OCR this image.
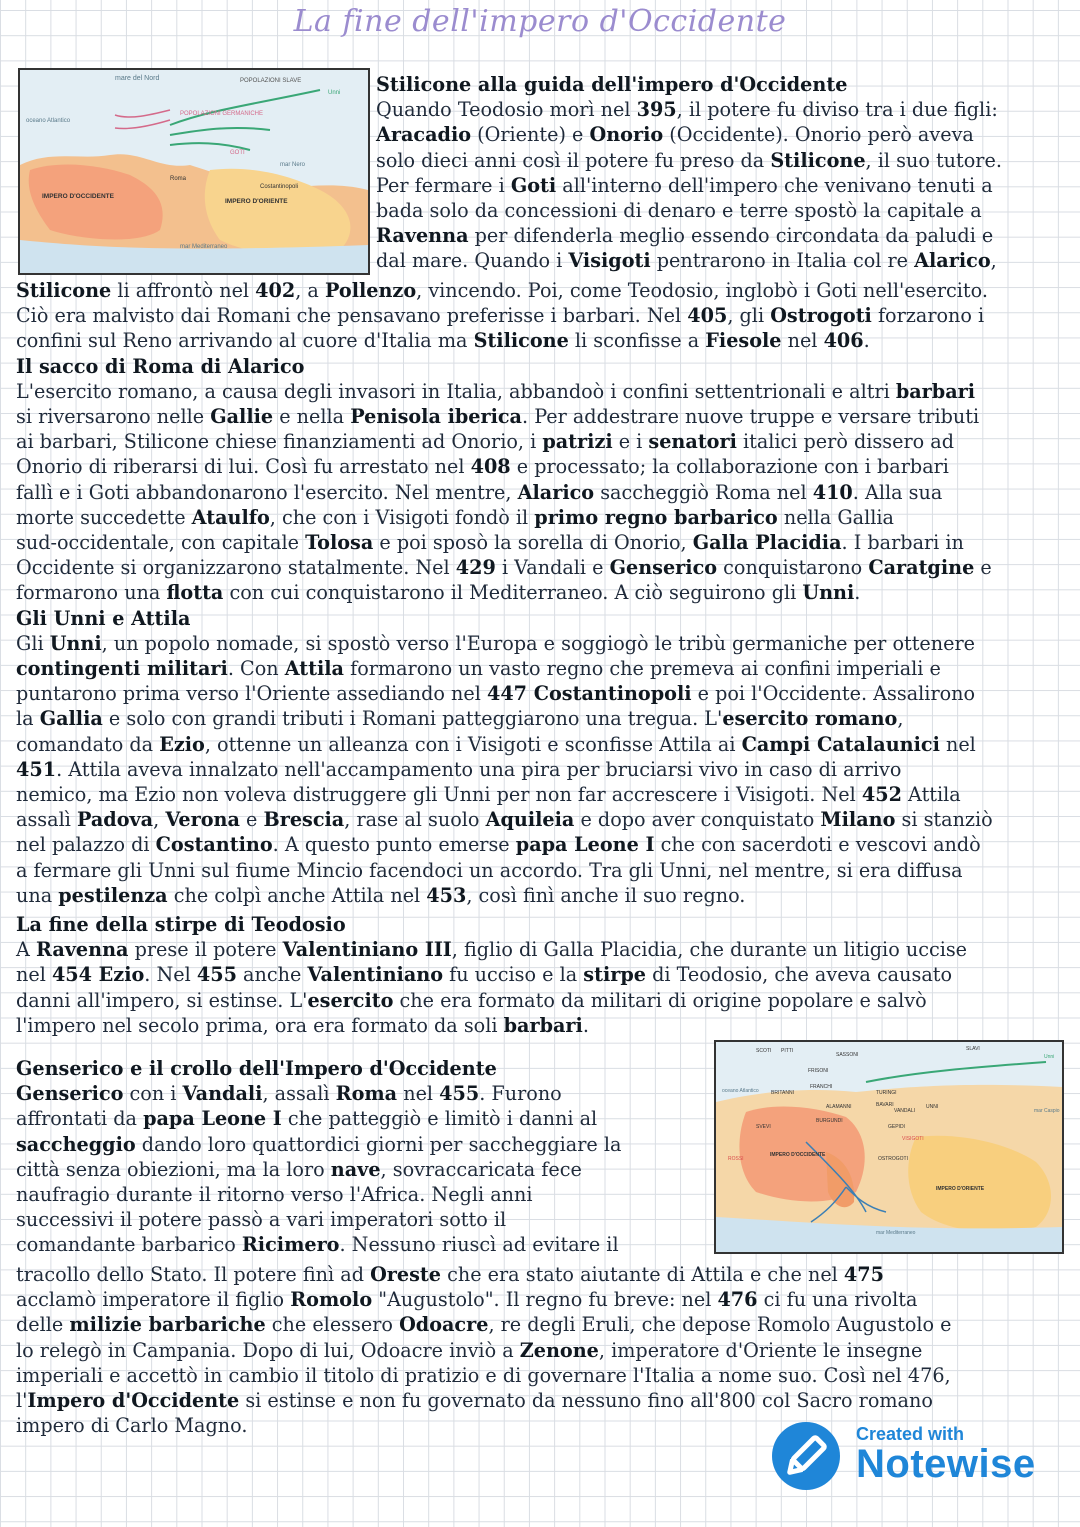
La fine dell'impero d'Occidente
mare del Nord	POPOLAZIONI SLAVE
oceano Atlantico
POPOLAZIONI GERMANICHE
Unni
GOTI
mar Nero
Roma
IMPERO D'OCCIDENTE
Costantinopoli
IMPERO D'ORIENTE
mar Mediterraneo
Stilicone alla guida dell'impero d'Occidente
Quando Teodosio morì nel 395, il potere fu diviso tra i due figli:
Aracadio (Oriente) e Onorio (Occidente). Onorio però aveva
solo dieci anni così il potere fu preso da Stilicone, il suo tutore.
Per fermare i Goti all'interno dell'impero che venivano tenuti a
bada solo da concessioni di denaro e terre spostò la capitale a
Ravenna per difenderla meglio essendo circondata da paludi e
dal mare. Quando i Visigoti pentrarono in Italia col re Alarico,
Stilicone li affrontò nel 402, a Pollenzo, vincendo. Poi, come Teodosio, inglobò i Goti nell'esercito.
Ciò era malvisto dai Romani che pensavano preferisse i barbari. Nel 405, gli Ostrogoti forzarono i
confini sul Reno arrivando al cuore d'Italia ma Stilicone li sconfisse a Fiesole nel 406.
Il sacco di Roma di Alarico
L'esercito romano, a causa degli invasori in Italia, abbandoò i confini settentrionali e altri barbari
si riversarono nelle Gallie e nella Penisola iberica. Per addestrare nuove truppe e versare tributi
ai barbari, Stilicone chiese finanziamenti ad Onorio, i patrizi e i senatori italici però dissero ad
Onorio di riberarsi di lui. Così fu arrestato nel 408 e processato; la collaborazione con i barbari
fallì e i Goti abbandonarono l'esercito. Nel mentre, Alarico saccheggiò Roma nel 410. Alla sua
morte succedette Ataulfo, che con i Visigoti fondò il primo regno barbarico nella Gallia
sud-occidentale, con capitale Tolosa e poi sposò la sorella di Onorio, Galla Placidia. I barbari in
Occidente si organizzarono statalmente. Nel 429 i Vandali e Genserico conquistarono Caratgine e
formarono una flotta con cui conquistarono il Mediterraneo. A ciò seguirono gli Unni.
Gli Unni e Attila
Gli Unni, un popolo nomade, si spostò verso l'Europa e soggiogò le tribù germaniche per ottenere
contingenti militari. Con Attila formarono un vasto regno che premeva ai confini imperiali e
puntarono prima verso l'Oriente assediando nel 447 Costantinopoli e poi l'Occidente. Assalirono
la Gallia e solo con grandi tributi i Romani patteggiarono una tregua. L'esercito romano,
comandato da Ezio, ottenne un alleanza con i Visigoti e sconfisse Attila ai Campi Catalaunici nel
451. Attila aveva innalzato nell'accampamento una pira per bruciarsi vivo in caso di arrivo
nemico, ma Ezio non voleva distruggere gli Unni per non far accrescere i Visigoti. Nel 452 Attila
assalì Padova, Verona e Brescia, rase al suolo Aquileia e dopo aver conquistato Milano si stanziò
nel palazzo di Costantino. A questo punto emerse papa Leone I che con sacerdoti e vescovi andò
a fermare gli Unni sul fiume Mincio facendoci un accordo. Tra gli Unni, nel mentre, si era diffusa
una pestilenza che colpì anche Attila nel 453, così finì anche il suo regno.
La fine della stirpe di Teodosio
A Ravenna prese il potere Valentiniano III, figlio di Galla Placidia, che durante un litigio uccise
nel 454 Ezio. Nel 455 anche Valentiniano fu ucciso e la stirpe di Teodosio, che aveva causato
danni all'impero, si estinse. L'esercito che era formato da militari di origine popolare e salvò
l'impero nel secolo prima, ora era formato da soli barbari.
SCOTI PITTI
SASSONI
FRISONI
oceano Atlantico	TURINGI
FRANCHI
BRITANNI
ALAMANNI	BAVARI
BURGUNDI
VANDALI
SVEVI	GEPIDI
UNNI
mar Caspio
VISIGOTI
ROSSI
IMPERO D'OCCIDENTE
OSTROGOTI
IMPERO D'ORIENTE
mar Mediterraneo
SLAVI
Unni
Genserico e il crollo dell'Impero d'Occidente
Genserico con i Vandali, assalì Roma nel 455. Furono
affrontati da papa Leone I che patteggiò e limitò i danni al
saccheggio dando loro quattordici giorni per saccheggiare la
città senza obiezioni, ma la loro nave, sovraccaricata fece
naufragio durante il ritorno verso l'Africa. Negli anni
successivi il potere passò a vari imperatori sotto il
comandante barbarico Ricimero. Nessuno riuscì ad evitare il
tracollo dello Stato. Il potere finì ad Oreste che era stato aiutante di Attila e che nel 475
acclamò imperatore il figlio Romolo "Augustolo". Il regno fu breve: nel 476 ci fu una rivolta
delle milizie barbariche che elessero Odoacre, re degli Eruli, che depose Romolo Augustolo e
lo relegò in Campania. Dopo di lui, Odoacre inviò a Zenone, imperatore d'Oriente le insegne
imperiali e accettò in cambio il titolo di pratizio e di governare l'Italia a nome suo. Così nel 476,
l'Impero d'Occidente si estinse e non fu governato da nessuno fino all'800 col Sacro romano
impero di Carlo Magno.	Created with
Notewise
